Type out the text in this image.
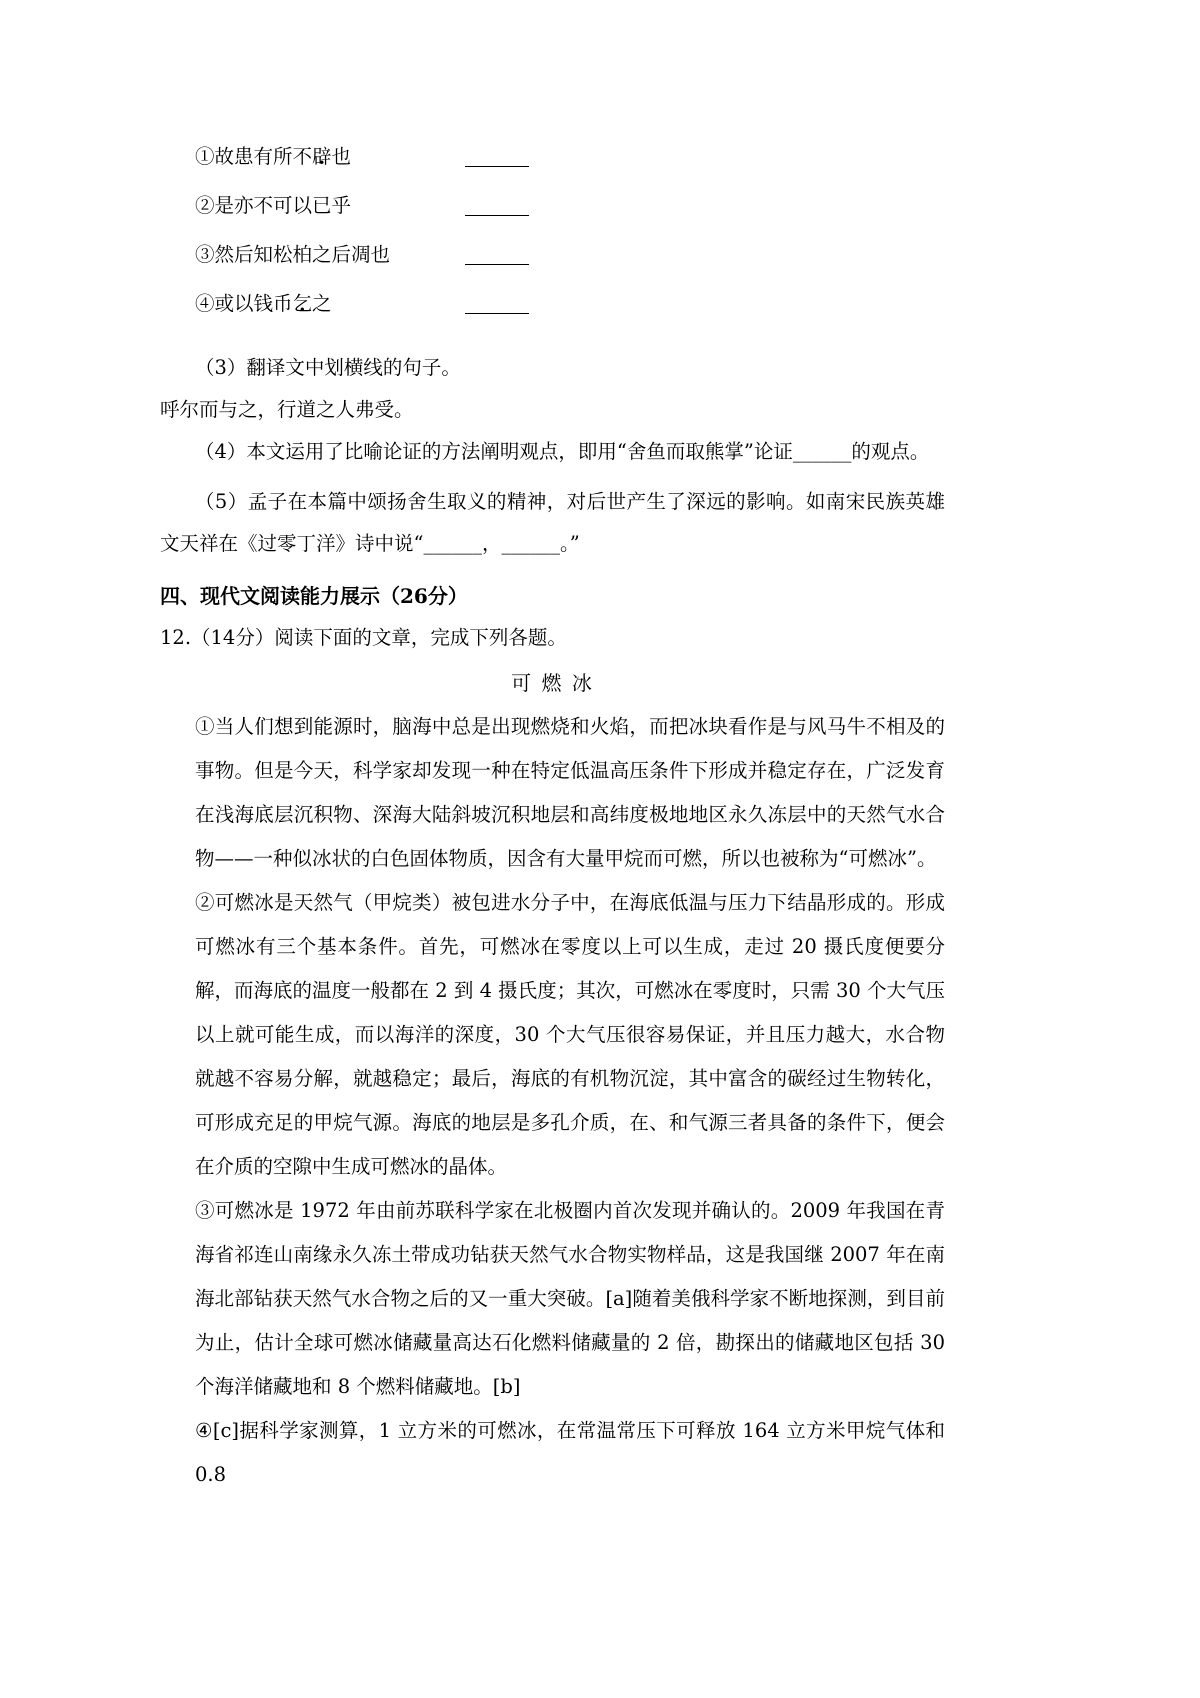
①故患有所不辟也
②是亦不可以已乎
③然后知松柏之后凋也
④或以钱币乞之
（3）翻译文中划横线的句子。
呼尔而与之，行道之人弗受。
（4）本文运用了比喻论证的方法阐明观点，即用“舍鱼而取熊掌”论证______的观点。
（5）孟子在本篇中颂扬舍生取义的精神，对后世产生了深远的影响。如南宋民族英雄文天祥在《过零丁洋》诗中说“______，______。”
四、现代文阅读能力展示（26分）
12.（14分）阅读下面的文章，完成下列各题。
可 燃 冰

①当人们想到能源时，脑海中总是出现燃烧和火焰，而把冰块看作是与风马牛不相及的事物。但是今天，科学家却发现一种在特定低温高压条件下形成并稳定存在，广泛发育在浅海底层沉积物、深海大陆斜坡沉积地层和高纬度极地地区永久冻层中的天然气水合物——一种似冰状的白色固体物质，因含有大量甲烷而可燃，所以也被称为“可燃冰”。

②可燃冰是天然气（甲烷类）被包进水分子中，在海底低温与压力下结晶形成的。形成可燃冰有三个基本条件。首先，可燃冰在零度以上可以生成，走过 20 摄氏度便要分解，而海底的温度一般都在 2 到 4 摄氏度；其次，可燃冰在零度时，只需 30 个大气压以上就可能生成，而以海洋的深度，30 个大气压很容易保证，并且压力越大，水合物就越不容易分解，就越稳定；最后，海底的有机物沉淀，其中富含的碳经过生物转化，可形成充足的甲烷气源。海底的地层是多孔介质，在、和气源三者具备的条件下，便会在介质的空隙中生成可燃冰的晶体。

③可燃冰是 1972 年由前苏联科学家在北极圈内首次发现并确认的。2009 年我国在青海省祁连山南缘永久冻土带成功钻获天然气水合物实物样品，这是我国继 2007 年在南海北部钻获天然气水合物之后的又一重大突破。[a]随着美俄科学家不断地探测，到目前为止，估计全球可燃冰储藏量高达石化燃料储藏量的 2 倍，勘探出的储藏地区包括 30 个海洋储藏地和 8 个燃料储藏地。[b]

④[c]据科学家测算，1 立方米的可燃冰，在常温常压下可释放 164 立方米甲烷气体和 0.8
